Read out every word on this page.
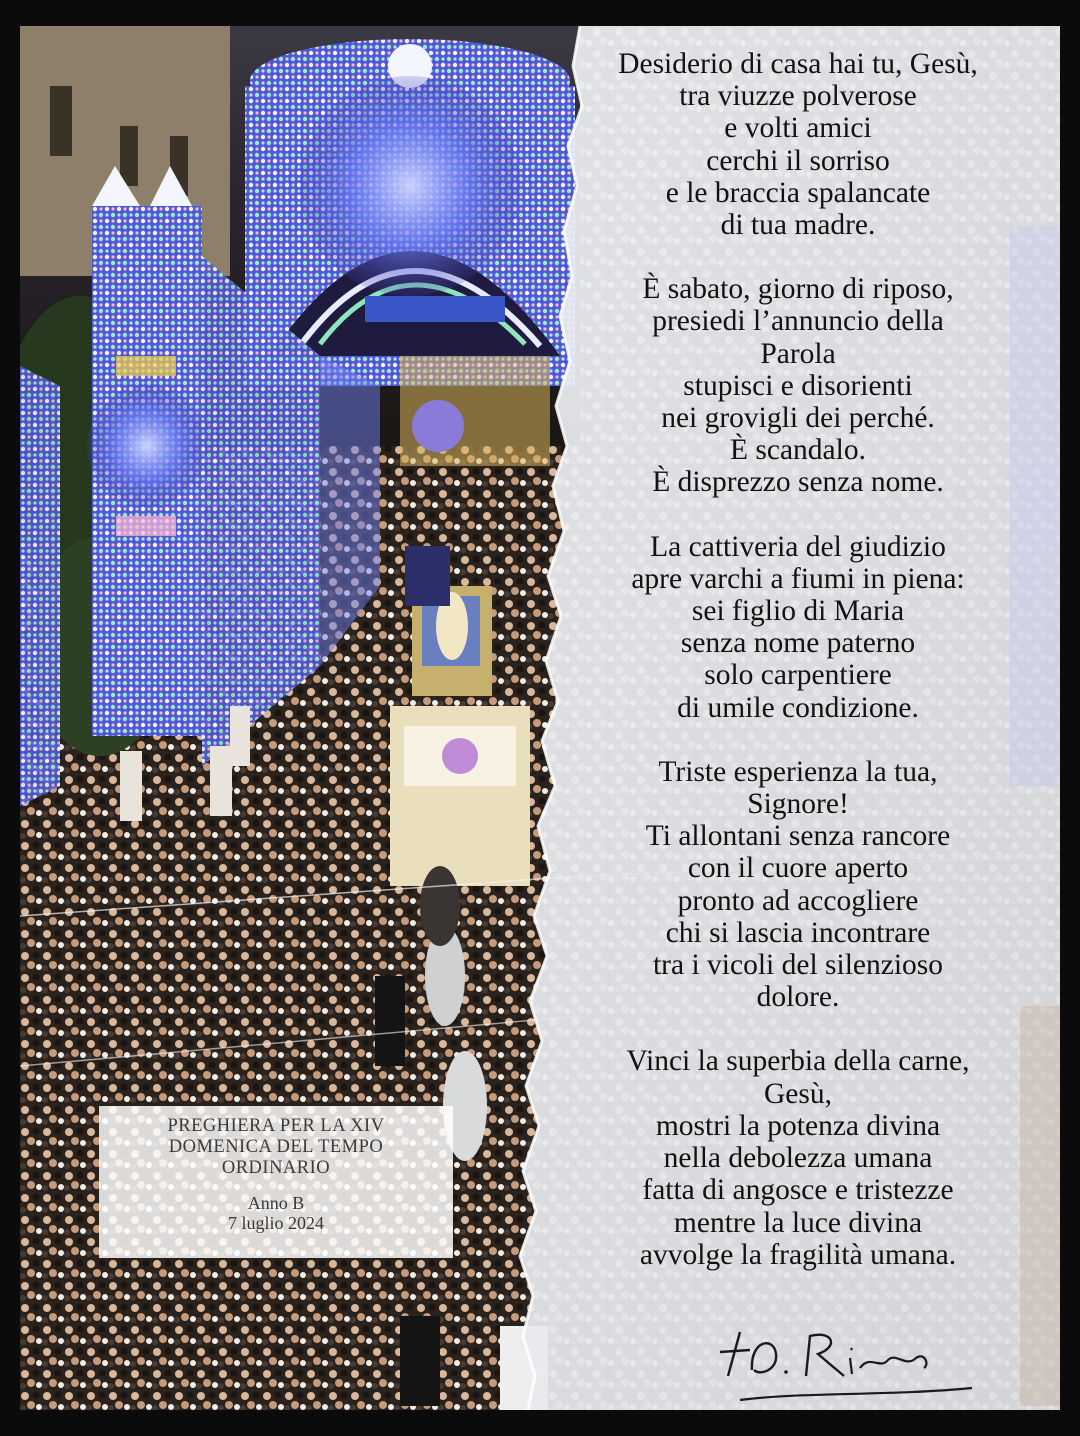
Desiderio di casa hai tu, Gesù,
tra viuzze polverose
e volti amici
cerchi il sorriso
e le braccia spalancate
di tua madre.
È sabato, giorno di riposo,
presiedi l’annuncio della
Parola
stupisci e disorienti
nei grovigli dei perché.
È scandalo.
È disprezzo senza nome.
La cattiveria del giudizio
apre varchi a fiumi in piena:
sei figlio di Maria
senza nome paterno
solo carpentiere
di umile condizione.
Triste esperienza la tua,
Signore!
Ti allontani senza rancore
con il cuore aperto
pronto ad accogliere
chi si lascia incontrare
tra i vicoli del silenzioso
dolore.
Vinci la superbia della carne,
Gesù,
mostri la potenza divina
nella debolezza umana
fatta di angosce e tristezze
mentre la luce divina
avvolge la fragilità umana.
PREGHIERA PER LA XIV
DOMENICA DEL TEMPO
ORDINARIO
Anno B
7 luglio 2024
